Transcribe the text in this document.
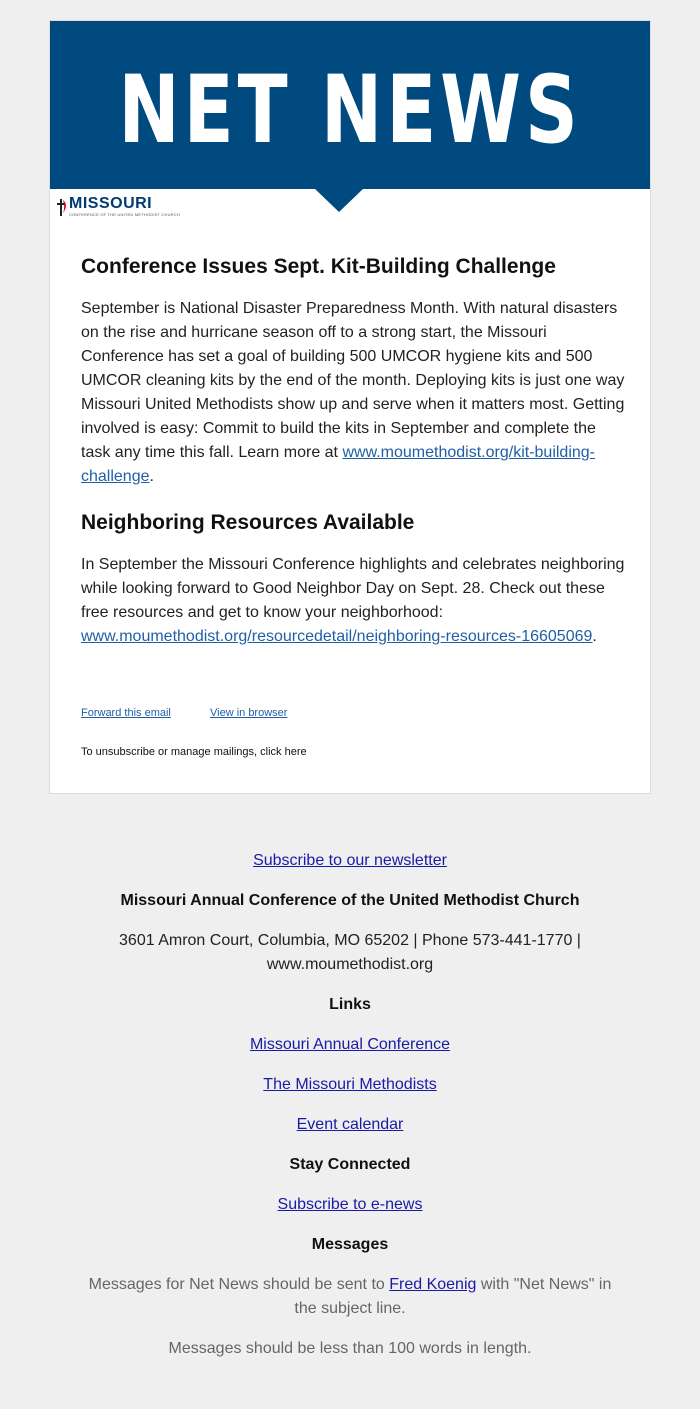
NET NEWS
MISSOURI
CONFERENCE OF THE UNITED METHODIST CHURCH
Conference Issues Sept. Kit-Building Challenge

September is National Disaster Preparedness Month. With natural disasters on the rise and hurricane season off to a strong start, the Missouri Conference has set a goal of building 500 UMCOR hygiene kits and 500 UMCOR cleaning kits by the end of the month. Deploying kits is just one way Missouri United Methodists show up and serve when it matters most. Getting involved is easy: Commit to build the kits in September and complete the task any time this fall. Learn more at www.moumethodist.org/kit-building-challenge.

Neighboring Resources Available

In September the Missouri Conference highlights and celebrates neighboring while looking forward to Good Neighbor Day on Sept. 28. Check out these free resources and get to know your neighborhood: www.moumethodist.org/resourcedetail/neighboring-resources-16605069.

Forward this email	View in browser
To unsubscribe or manage mailings, click here
Subscribe to our newsletter
Missouri Annual Conference of the United Methodist Church
3601 Amron Court, Columbia, MO 65202 | Phone 573-441-1770 |
www.moumethodist.org
Links
Missouri Annual Conference
The Missouri Methodists
Event calendar
Stay Connected
Subscribe to e-news
Messages
Messages for Net News should be sent to Fred Koenig with "Net News" in
the subject line.
Messages should be less than 100 words in length.
